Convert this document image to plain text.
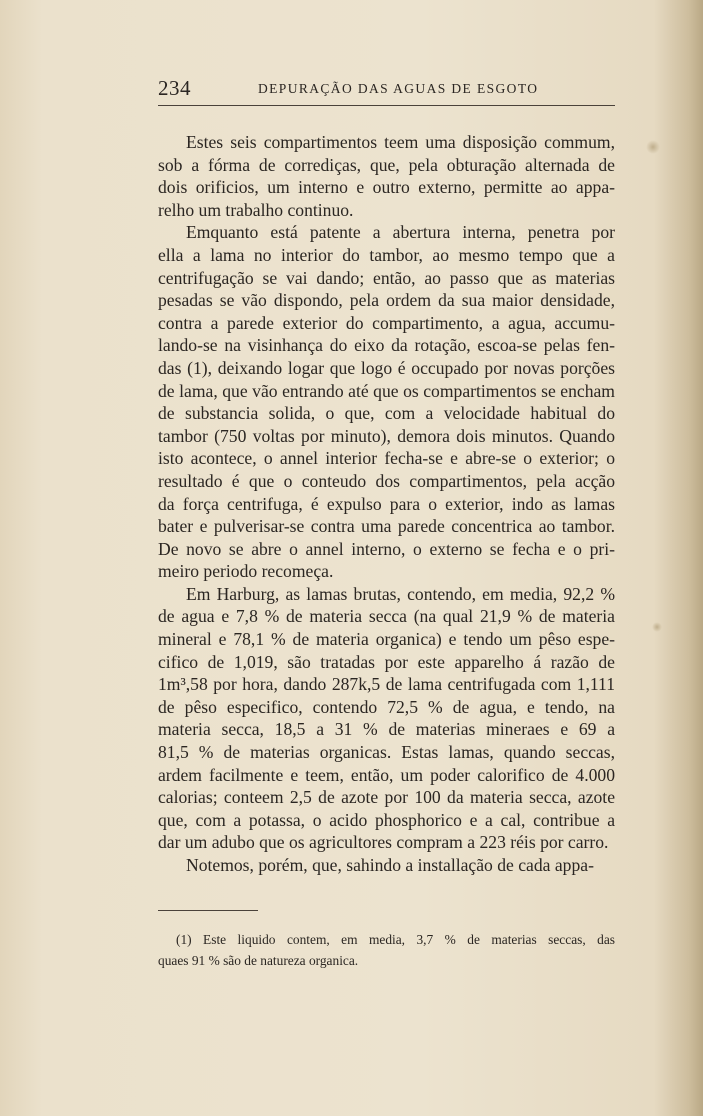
234	DEPURAÇÃO DAS AGUAS DE ESGOTO

Estes seis compartimentos teem uma disposição commum,
sob a fórma de corrediças, que, pela obturação alternada de
dois orificios, um interno e outro externo, permitte ao appa-
relho um trabalho continuo.

Emquanto está patente a abertura interna, penetra por
ella a lama no interior do tambor, ao mesmo tempo que a
centrifugação se vai dando; então, ao passo que as materias
pesadas se vão dispondo, pela ordem da sua maior densidade,
contra a parede exterior do compartimento, a agua, accumu-
lando-se na visinhança do eixo da rotação, escoa-se pelas fen-
das (1), deixando logar que logo é occupado por novas porções
de lama, que vão entrando até que os compartimentos se encham
de substancia solida, o que, com a velocidade habitual do
tambor (750 voltas por minuto), demora dois minutos. Quando
isto acontece, o annel interior fecha-se e abre-se o exterior; o
resultado é que o conteudo dos compartimentos, pela acção
da força centrifuga, é expulso para o exterior, indo as lamas
bater e pulverisar-se contra uma parede concentrica ao tambor.
De novo se abre o annel interno, o externo se fecha e o pri-
meiro periodo recomeça.

Em Harburg, as lamas brutas, contendo, em media, 92,2 %
de agua e 7,8 % de materia secca (na qual 21,9 % de materia
mineral e 78,1 % de materia organica) e tendo um pêso espe-
cifico de 1,019, são tratadas por este apparelho á razão de
1m³,58 por hora, dando 287k,5 de lama centrifugada com 1,111
de pêso especifico, contendo 72,5 % de agua, e tendo, na
materia secca, 18,5 a 31 % de materias mineraes e 69 a
81,5 % de materias organicas. Estas lamas, quando seccas,
ardem facilmente e teem, então, um poder calorifico de 4.000
calorias; conteem 2,5 de azote por 100 da materia secca, azote
que, com a potassa, o acido phosphorico e a cal, contribue a
dar um adubo que os agricultores compram a 223 réis por carro.

Notemos, porém, que, sahindo a installação de cada appa-

(1) Este liquido contem, em media, 3,7 % de materias seccas, das
quaes 91 % são de natureza organica.
